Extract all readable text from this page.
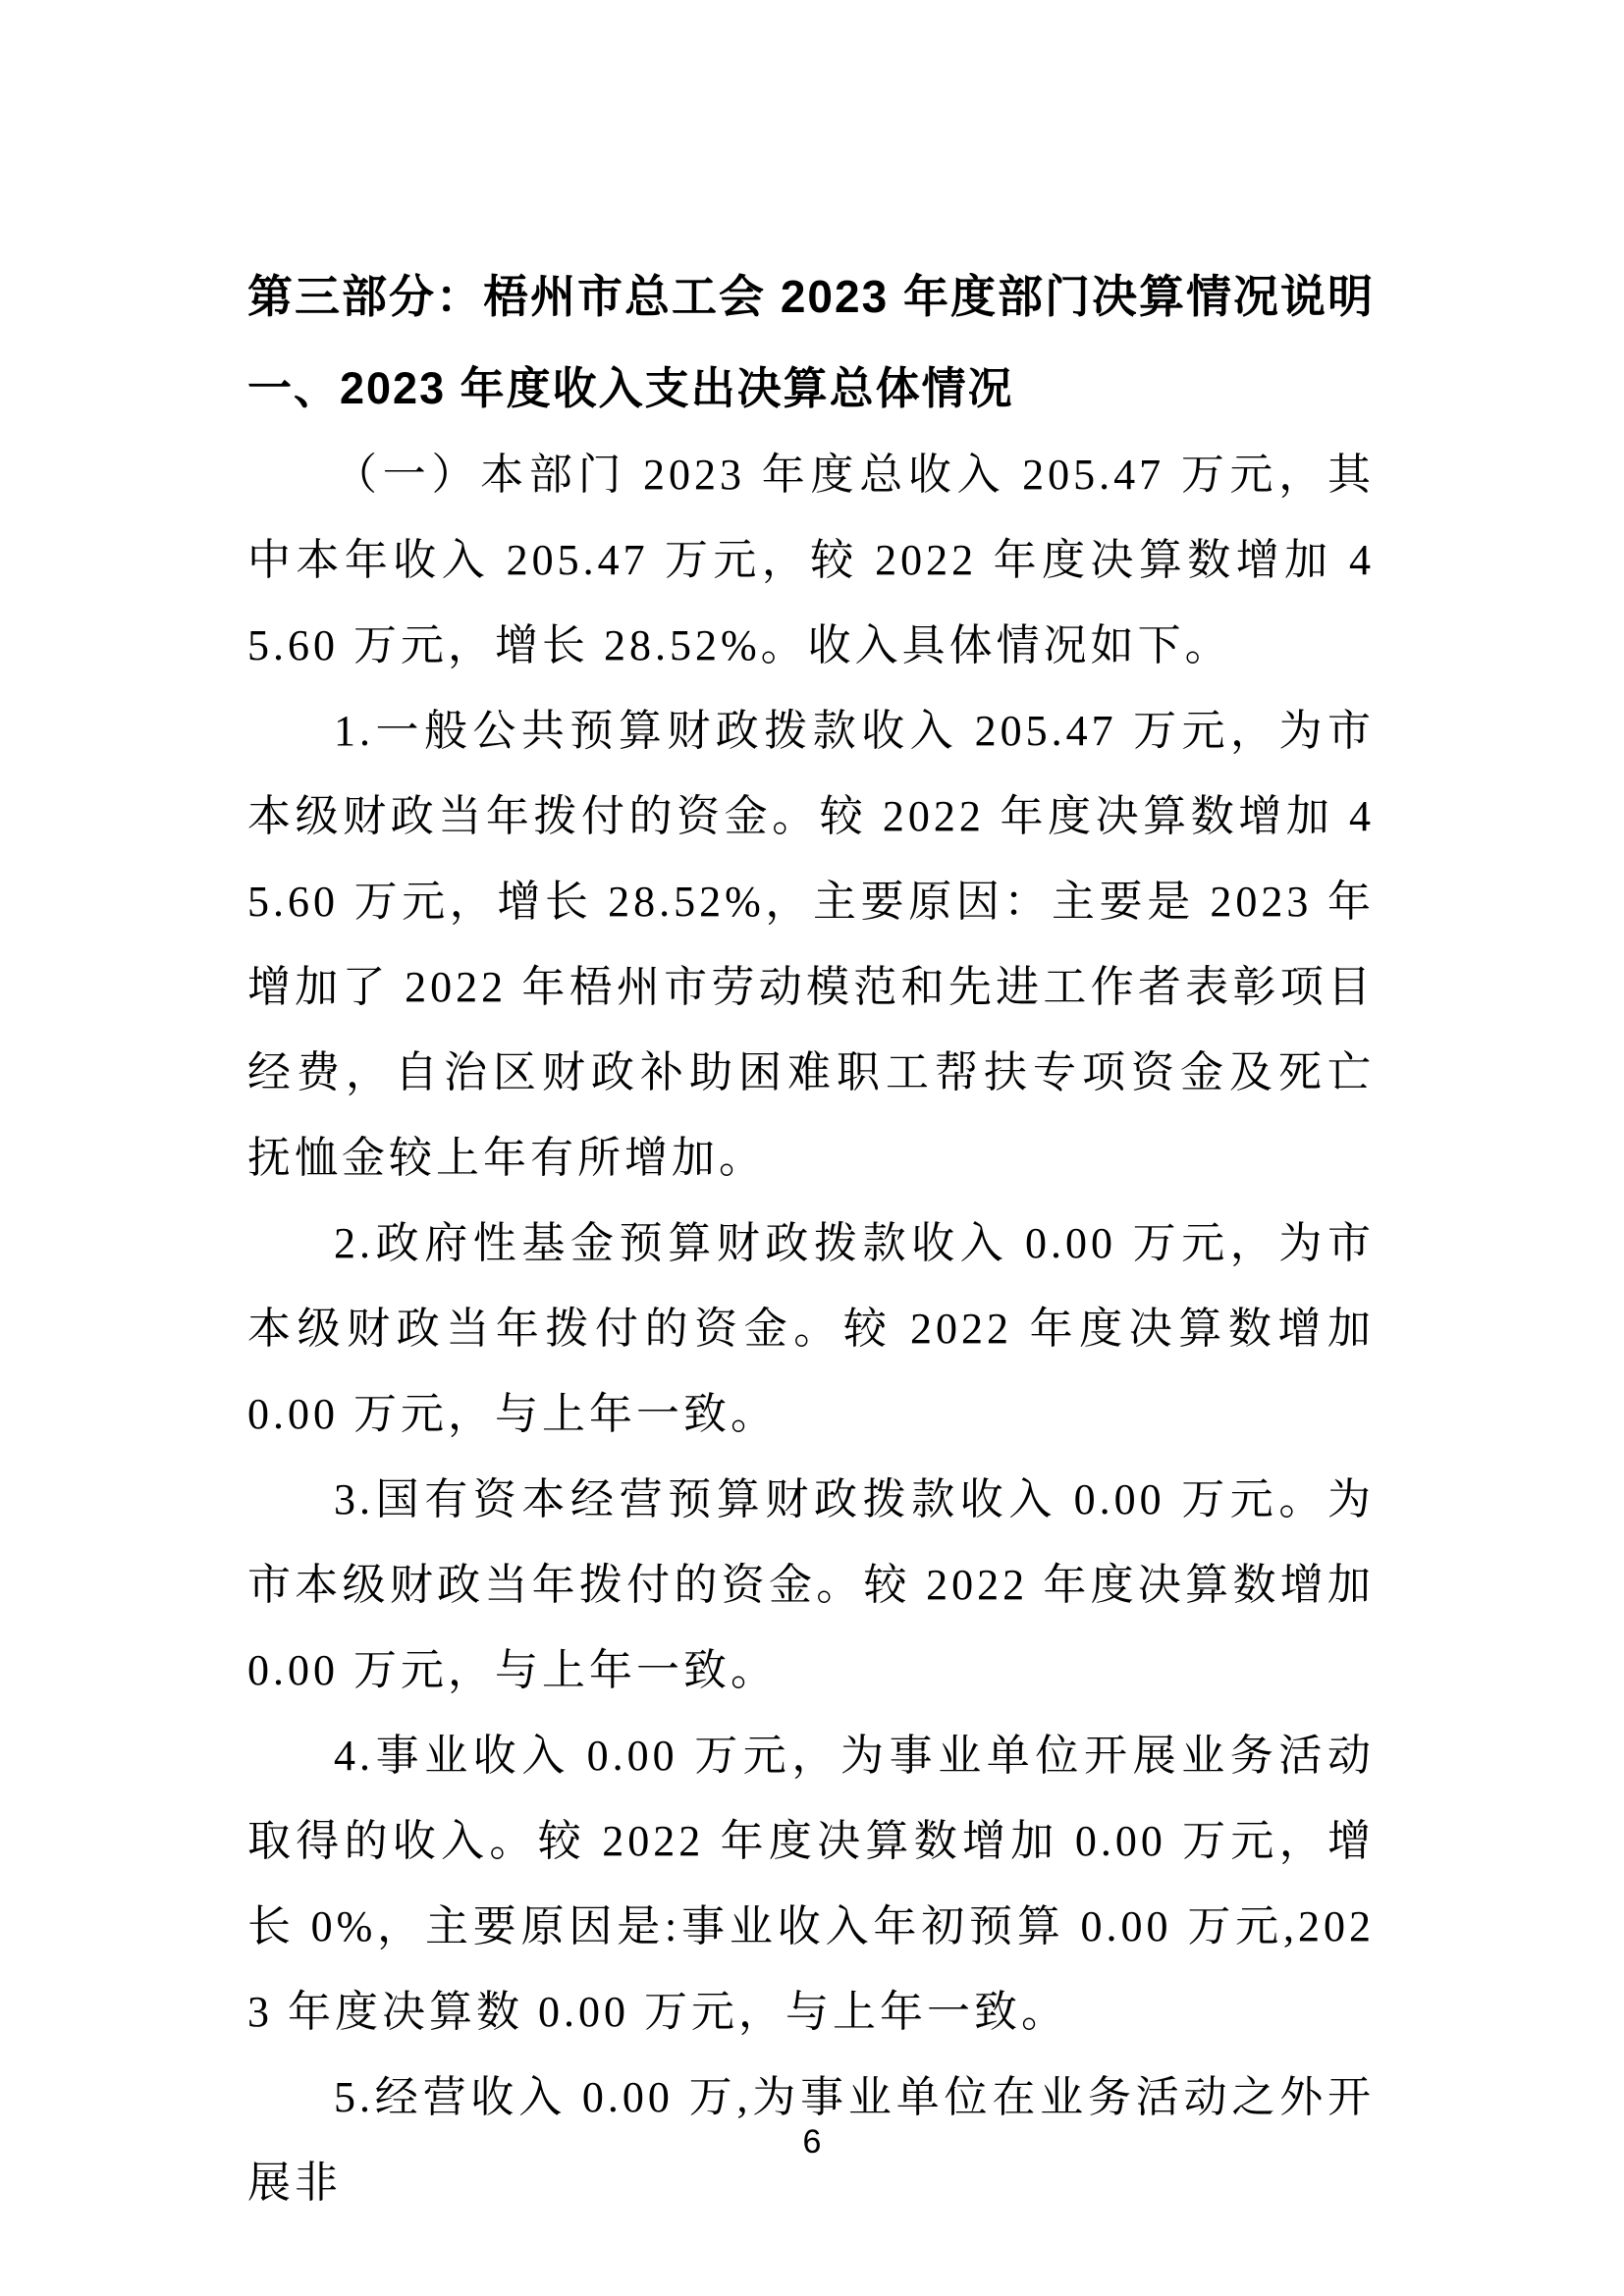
第三部分：梧州市总工会 2023 年度部门决算情况说明
一、2023 年度收入支出决算总体情况

（一）本部门 2023 年度总收入 205.47 万元，其中本年收入 205.47 万元，较 2022 年度决算数增加 45.60 万元，增长 28.52%。收入具体情况如下。

1.一般公共预算财政拨款收入 205.47 万元，为市本级财政当年拨付的资金。较 2022 年度决算数增加 45.60 万元，增长 28.52%，主要原因：主要是 2023 年增加了 2022 年梧州市劳动模范和先进工作者表彰项目经费，自治区财政补助困难职工帮扶专项资金及死亡抚恤金较上年有所增加。

2.政府性基金预算财政拨款收入 0.00 万元，为市本级财政当年拨付的资金。较 2022 年度决算数增加 0.00 万元，与上年一致。

3.国有资本经营预算财政拨款收入 0.00 万元。为市本级财政当年拨付的资金。较 2022 年度决算数增加 0.00 万元，与上年一致。

4.事业收入 0.00 万元，为事业单位开展业务活动取得的收入。较 2022 年度决算数增加 0.00 万元，增长 0%，主要原因是:事业收入年初预算 0.00 万元,2023 年度决算数 0.00 万元，与上年一致。

5.经营收入 0.00 万,为事业单位在业务活动之外开展非

6
